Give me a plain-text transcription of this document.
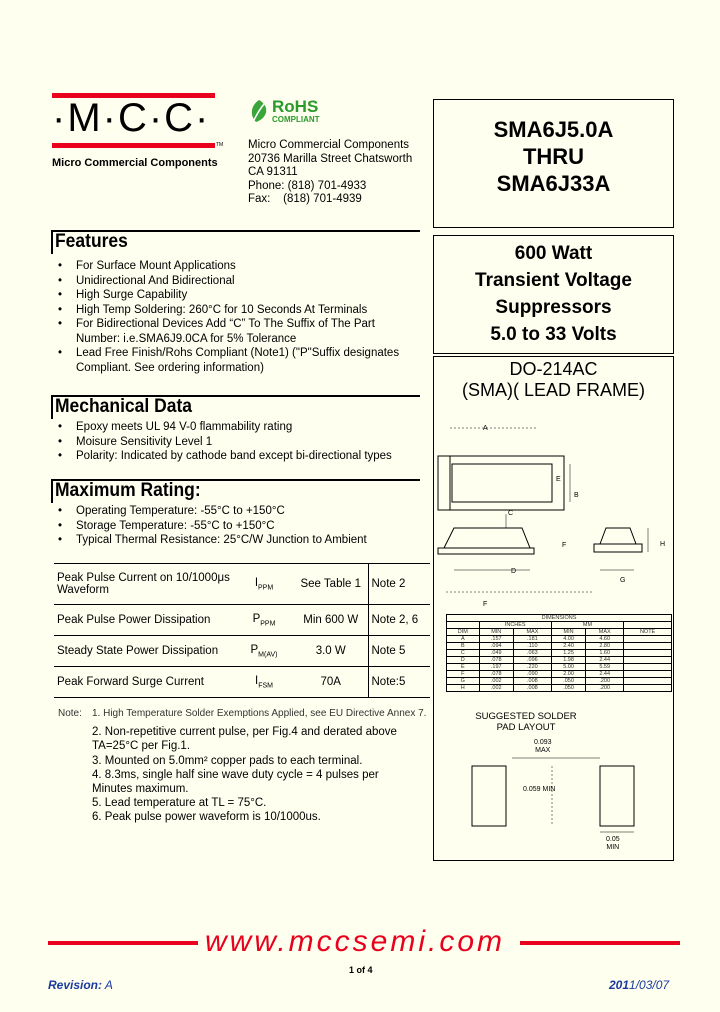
·M·C·C·
TM
Micro Commercial Components
RoHS
COMPLIANT
Micro Commercial Components
20736 Marilla Street Chatsworth
CA 91311
Phone: (818) 701-4933
Fax:    (818) 701-4939
SMA6J5.0A
THRU
SMA6J33A
600 Watt
Transient Voltage
Suppressors
5.0 to 33 Volts
Features
• For Surface Mount Applications
• Unidirectional And Bidirectional
• High Surge Capability
• High Temp Soldering: 260°C for 10 Seconds At Terminals
• For Bidirectional Devices Add “C” To The Suffix of The Part Number: i.e.SMA6J9.0CA for 5% Tolerance
• Lead Free Finish/Rohs Compliant (Note1) ("P"Suffix designates Compliant. See ordering information)
Mechanical Data
• Epoxy meets UL 94 V-0 flammability rating
• Moisure Sensitivity Level 1
• Polarity: Indicated by cathode band except bi-directional types
Maximum Rating:
• Operating Temperature: -55°C to +150°C
• Storage Temperature: -55°C to +150°C
• Typical Thermal Resistance: 25°C/W Junction to Ambient
Peak Pulse Current on 10/1000μs Waveform	$I_{PPM}$	See Table 1	Note 2
Peak Pulse Power Dissipation	$P_{PPM}$	Min 600 W	Note 2, 6
Steady State Power Dissipation	$P_{M(AV)}$	3.0 W	Note 5
Peak Forward Surge Current	$I_{FSM}$	70A	Note:5
Note: 1. High Temperature Solder Exemptions Applied, see EU Directive Annex 7.
2. Non-repetitive current pulse, per Fig.4 and derated above TA=25°C per Fig.1.
3. Mounted on 5.0mm² copper pads to each terminal.
4. 8.3ms, single half sine wave duty cycle = 4 pulses per Minutes maximum.
5. Lead temperature at TL = 75°C.
6. Peak pulse power waveform is 10/1000us.
DO-214AC
(SMA)( LEAD FRAME)
A
B
E
C
D
F	H
G
F
DIMENSIONS					
	INCHES		MM		
DIM	MIN	MAX	MIN	MAX	NOTE
A	.157	.181	4.00	4.60	
B	.094	.110	2.40	2.80	
C	.049	.063	1.25	1.60	
D	.078	.096	1.98	2.44	
E	.197	.220	5.00	5.59	
F	.078	.090	2.00	2.44	
G	.002	.008	.050	.200	
H	.002	.008	.050	.200	
SUGGESTED SOLDER
PAD LAYOUT
0.093
MAX
0.059 MIN
0.05
MIN
www.mccsemi.com
1 of 4
Revision: A	2011/03/07
